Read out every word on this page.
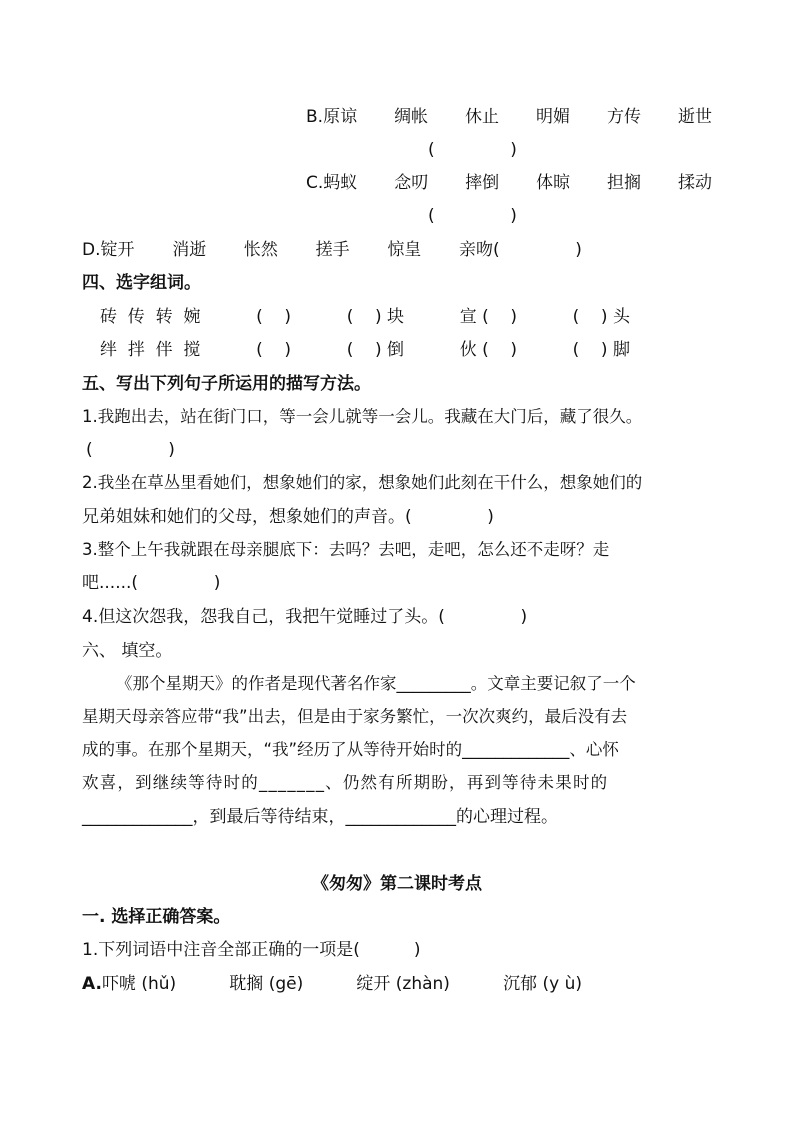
B.原谅 绸帐 休止 明媚 方传 逝世
(              )
C.蚂蚁 念叨 摔倒 体晾 担搁 揉动
(              )
D.锭开 消逝 怅然 搓手 惊皇 亲吻(              )
四、选字组词。
砖  传  转  婉	(    )	(    ) 块	宣 (    )	(    ) 头
绊  拌  伴  搅	(    )	(    ) 倒	伙 (    )	(    ) 脚
五、写出下列句子所运用的描写方法。
1.我跑出去，站在街门口，等一会儿就等一会儿。我藏在大门后，藏了很久。
(              )
2.我坐在草丛里看她们，想象她们的家，想象她们此刻在干什么，想象她们的
兄弟姐妹和她们的父母，想象她们的声音。(              )
3.整个上午我就跟在母亲腿底下：去吗？去吧，走吧，怎么还不走呀？走
吧......(              )
4.但这次怨我，怨我自己，我把午觉睡过了头。(              )
六、 填空。
《那个星期天》的作者是现代著名作家_________。文章主要记叙了一个
星期天母亲答应带“我”出去，但是由于家务繁忙，一次次爽约，最后没有去
成的事。在那个星期天，“我”经历了从等待开始时的_____________、心怀
欢喜，到继续等待时的_______、仍然有所期盼，再到等待未果时的
_____________，到最后等待结束，_____________的心理过程。
《匆匆》第二课时考点
一. 选择正确答案。
1.下列词语中注音全部正确的一项是(          )
A.吓唬 (hǔ)	耽搁 (gē)	绽开 (zhàn)	沉郁 (y ù)
